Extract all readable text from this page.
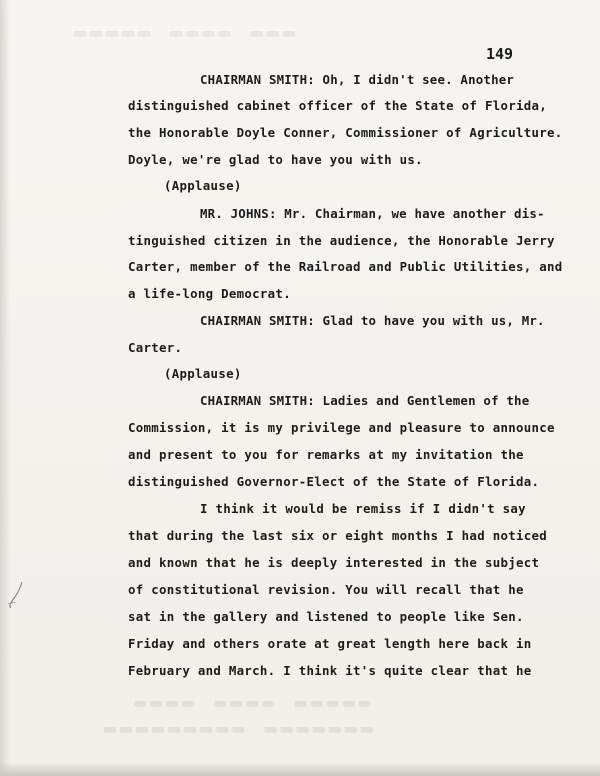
▬▬▬ ▬▬▬▬ ▬▬▬▬▬
▬▬▬▬▬ ▬▬▬▬ ▬▬▬▬
▬▬▬▬▬▬▬ ▬▬▬▬▬▬▬▬▬
149
CHAIRMAN SMITH: Oh, I didn't see. Another
distinguished cabinet officer of the State of Florida,
the Honorable Doyle Conner, Commissioner of Agriculture.
Doyle, we're glad to have you with us.
(Applause)
MR. JOHNS: Mr. Chairman, we have another dis-
tinguished citizen in the audience, the Honorable Jerry
Carter, member of the Railroad and Public Utilities, and
a life-long Democrat.
CHAIRMAN SMITH: Glad to have you with us, Mr.
Carter.
(Applause)
CHAIRMAN SMITH: Ladies and Gentlemen of the
Commission, it is my privilege and pleasure to announce
and present to you for remarks at my invitation the
distinguished Governor-Elect of the State of Florida.
I think it would be remiss if I didn't say
that during the last six or eight months I had noticed
and known that he is deeply interested in the subject
of constitutional revision. You will recall that he
sat in the gallery and listened to people like Sen.
Friday and others orate at great length here back in
February and March. I think it's quite clear that he
